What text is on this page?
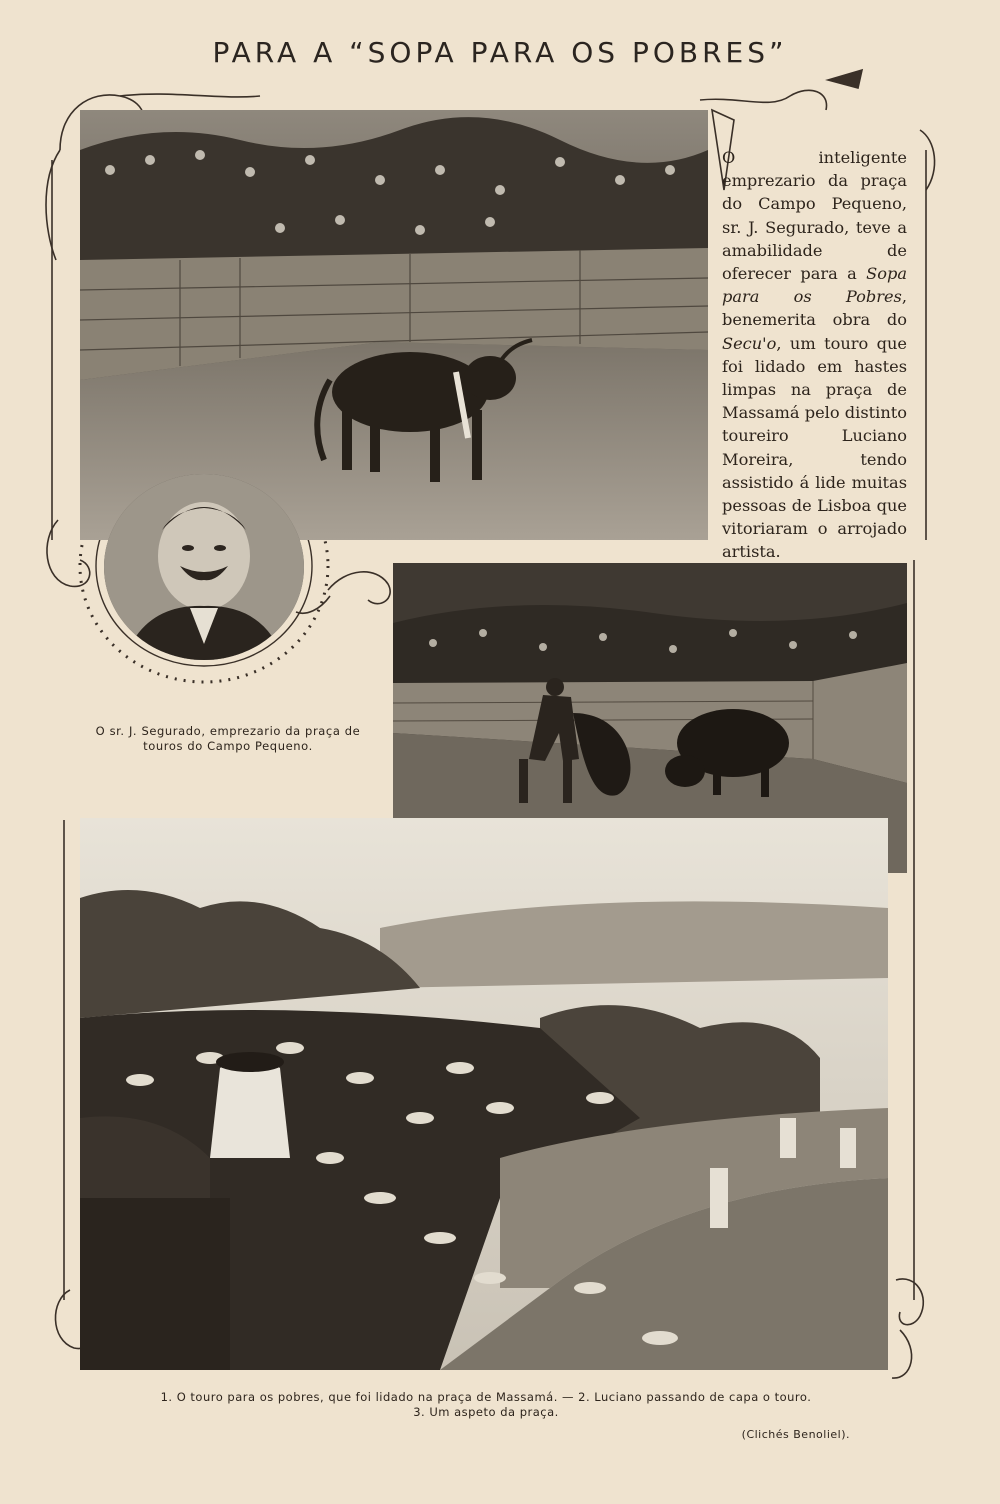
PARA A “SOPA PARA OS POBRES”
O inteligente emprezario da praça do Campo Pequeno, sr. J. Segurado, teve a amabilidade de oferecer para a Sopa para os Pobres, benemerita obra do Secu'o, um touro que foi lidado em hastes limpas na praça de Massamá pelo distinto toureiro Luciano Moreira, tendo assistido á lide muitas pessoas de Lisboa que vitoriaram o arrojado artista.
O sr. J. Segurado, emprezario da praça de touros do Campo Pequeno.
1. O touro para os pobres, que foi lidado na praça de Massamá. — 2. Luciano passando de capa o touro.
3. Um aspeto da praça.
(Clichés Benoliel).
